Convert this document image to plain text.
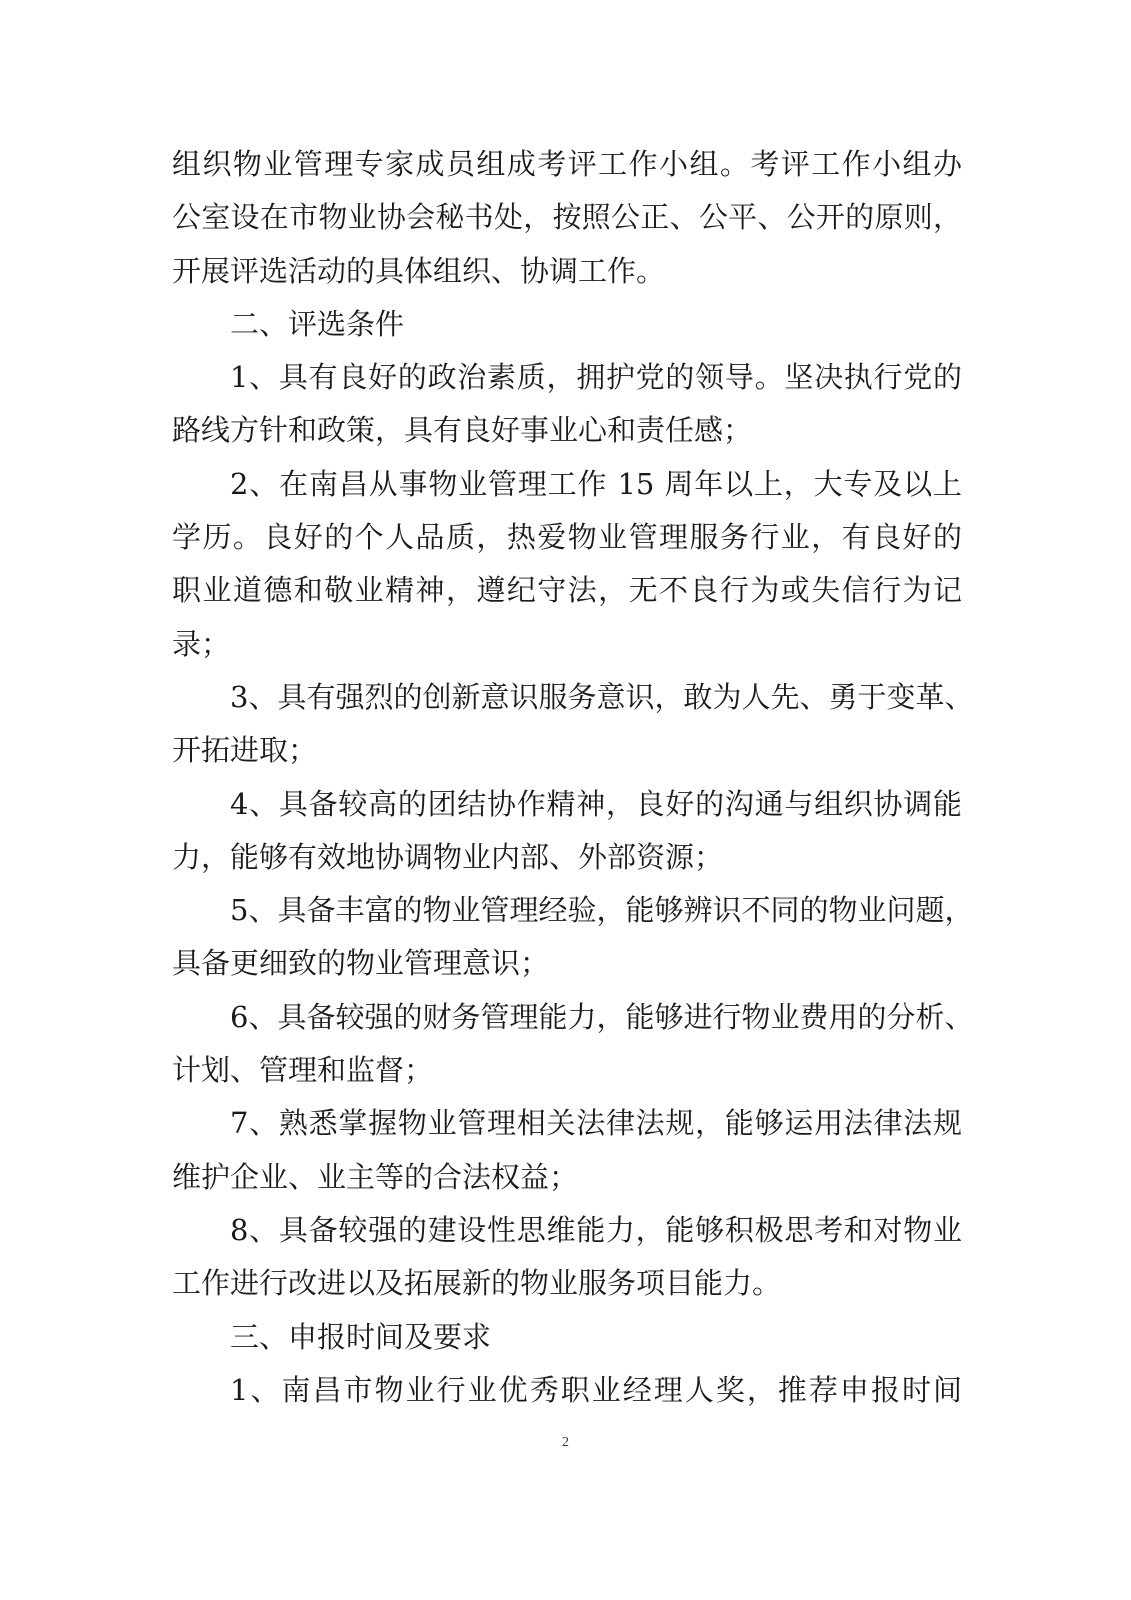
组织物业管理专家成员组成考评工作小组。考评工作小组办
公室设在市物业协会秘书处，按照公正、公平、公开的原则，
开展评选活动的具体组织、协调工作。
二、评选条件
1、具有良好的政治素质，拥护党的领导。坚决执行党的
路线方针和政策，具有良好事业心和责任感；
2、在南昌从事物业管理工作 15 周年以上，大专及以上
学历。良好的个人品质，热爱物业管理服务行业，有良好的
职业道德和敬业精神，遵纪守法，无不良行为或失信行为记
录；
3、具有强烈的创新意识服务意识，敢为人先、勇于变革、
开拓进取；
4、具备较高的团结协作精神，良好的沟通与组织协调能
力，能够有效地协调物业内部、外部资源；
5、具备丰富的物业管理经验，能够辨识不同的物业问题，
具备更细致的物业管理意识；
6、具备较强的财务管理能力，能够进行物业费用的分析、
计划、管理和监督；
7、熟悉掌握物业管理相关法律法规，能够运用法律法规
维护企业、业主等的合法权益；
8、具备较强的建设性思维能力，能够积极思考和对物业
工作进行改进以及拓展新的物业服务项目能力。
三、申报时间及要求
1、南昌市物业行业优秀职业经理人奖，推荐申报时间
2
